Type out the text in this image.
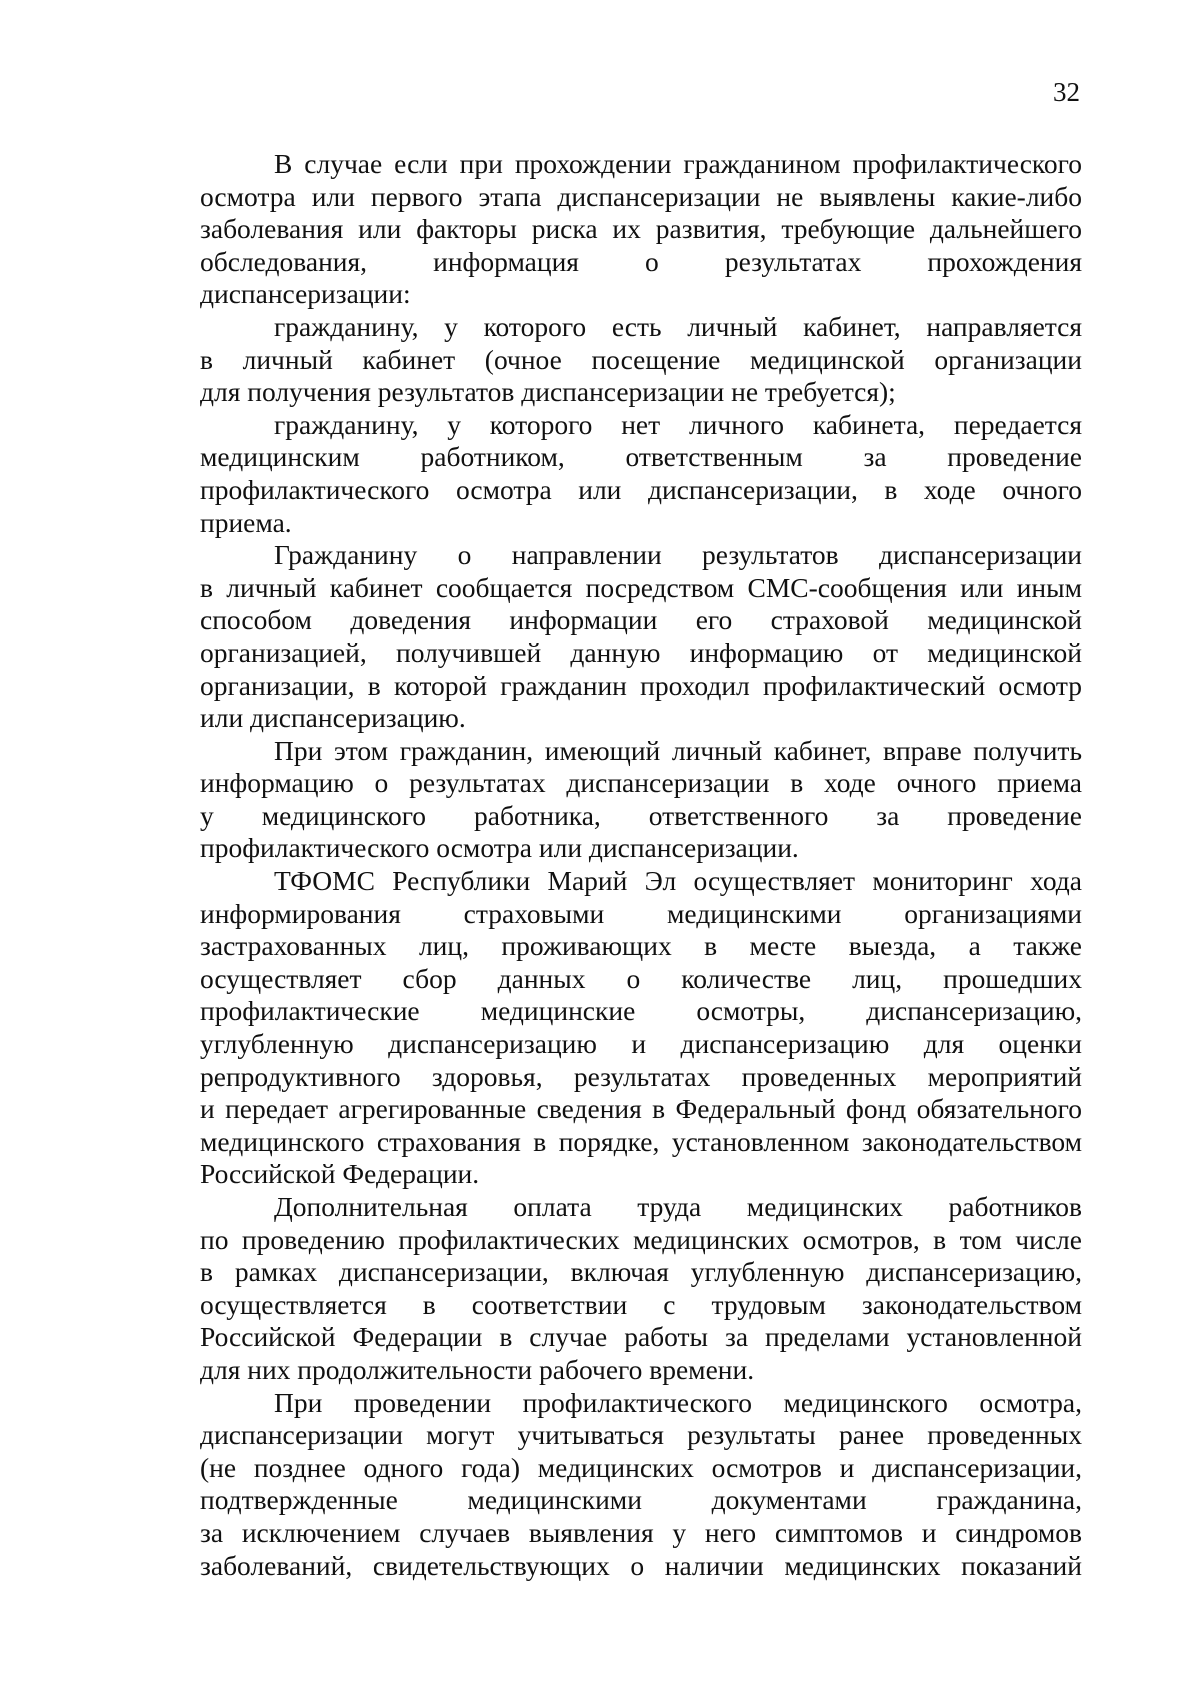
32
В случае если при прохождении гражданином профилактического
осмотра или первого этапа диспансеризации не выявлены какие-либо
заболевания или факторы риска их развития, требующие дальнейшего
обследования, информация о результатах прохождения
диспансеризации:
гражданину, у которого есть личный кабинет, направляется
в личный кабинет (очное посещение медицинской организации
для получения результатов диспансеризации не требуется);
гражданину, у которого нет личного кабинета, передается
медицинским работником, ответственным за проведение
профилактического осмотра или диспансеризации, в ходе очного
приема.
Гражданину о направлении результатов диспансеризации
в личный кабинет сообщается посредством СМС-сообщения или иным
способом доведения информации его страховой медицинской
организацией, получившей данную информацию от медицинской
организации, в которой гражданин проходил профилактический осмотр
или диспансеризацию.
При этом гражданин, имеющий личный кабинет, вправе получить
информацию о результатах диспансеризации в ходе очного приема
у медицинского работника, ответственного за проведение
профилактического осмотра или диспансеризации.
ТФОМС Республики Марий Эл осуществляет мониторинг хода
информирования страховыми медицинскими организациями
застрахованных лиц, проживающих в месте выезда, а также
осуществляет сбор данных о количестве лиц, прошедших
профилактические медицинские осмотры, диспансеризацию,
углубленную диспансеризацию и диспансеризацию для оценки
репродуктивного здоровья, результатах проведенных мероприятий
и передает агрегированные сведения в Федеральный фонд обязательного
медицинского страхования в порядке, установленном законодательством
Российской Федерации.
Дополнительная оплата труда медицинских работников
по проведению профилактических медицинских осмотров, в том числе
в рамках диспансеризации, включая углубленную диспансеризацию,
осуществляется в соответствии с трудовым законодательством
Российской Федерации в случае работы за пределами установленной
для них продолжительности рабочего времени.
При проведении профилактического медицинского осмотра,
диспансеризации могут учитываться результаты ранее проведенных
(не позднее одного года) медицинских осмотров и диспансеризации,
подтвержденные медицинскими документами гражданина,
за исключением случаев выявления у него симптомов и синдромов
заболеваний, свидетельствующих о наличии медицинских показаний
